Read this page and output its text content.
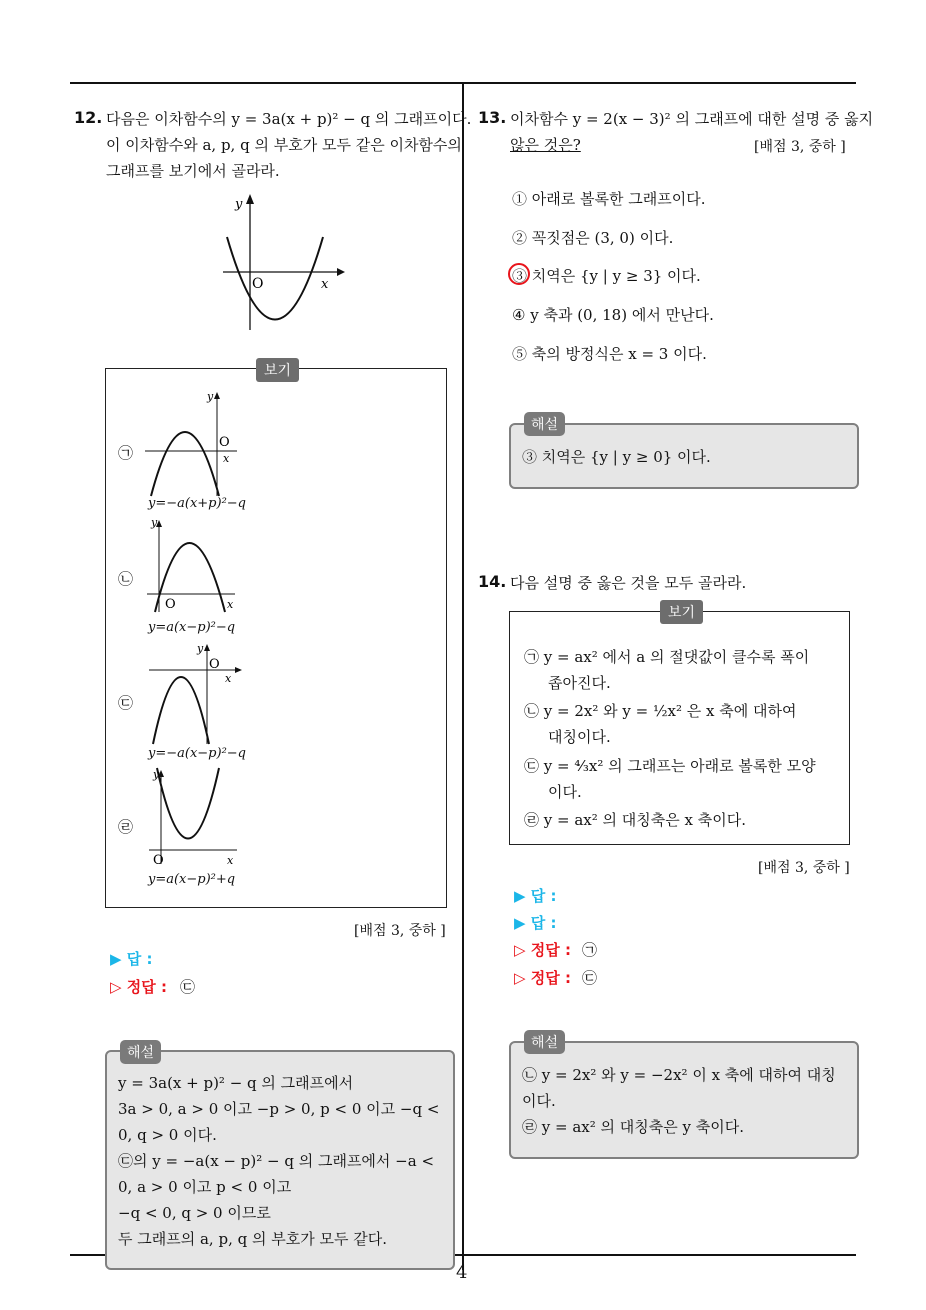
4
12. 다음은 이차함수의 y = 3a(x + p)² − q 의 그래프이다.
이 이차함수와 a, p, q 의 부호가 모두 같은 이차함수의
그래프를 보기에서 골라라.
O	x
y
보기
㉠
O
x
y
y=−a(x+p)²−q
㉡
O	x
y
y=a(x−p)²−q
㉢
O
x
y
y=−a(x−p)²−q
㉣
O	x
y
y=a(x−p)²+q
[배점 3, 중하 ]
▶ 답 :
▷ 정답 : ㉢
해설
y = 3a(x + p)² − q 의 그래프에서
3a > 0, a > 0 이고 −p > 0, p < 0 이고 −q <
0, q > 0 이다.
㉢의 y = −a(x − p)² − q 의 그래프에서 −a <
0, a > 0 이고 p < 0 이고
−q < 0, q > 0 이므로
두 그래프의 a, p, q 의 부호가 모두 같다.
13. 이차함수 y = 2(x − 3)² 의 그래프에 대한 설명 중 옳지
않은 것은?	[배점 3, 중하 ]
① 아래로 볼록한 그래프이다.
② 꼭짓점은 (3, 0) 이다.
③ 치역은 {y | y ≥ 3} 이다.
④ y 축과 (0, 18) 에서 만난다.
⑤ 축의 방정식은 x = 3 이다.
해설
③ 치역은 {y | y ≥ 0} 이다.
14. 다음 설명 중 옳은 것을 모두 골라라.
보기
㉠ y = ax² 에서 a 의 절댓값이 클수록 폭이
좁아진다.
㉡ y = 2x² 와 y = ½x² 은 x 축에 대하여
대칭이다.
㉢ y = ⁴⁄₃x² 의 그래프는 아래로 볼록한 모양
이다.
㉣ y = ax² 의 대칭축은 x 축이다.
[배점 3, 중하 ]
▶ 답 :
▶ 답 :
▷ 정답 : ㉠
▷ 정답 : ㉢
해설
㉡ y = 2x² 와 y = −2x² 이 x 축에 대하여 대칭
이다.
㉣ y = ax² 의 대칭축은 y 축이다.
